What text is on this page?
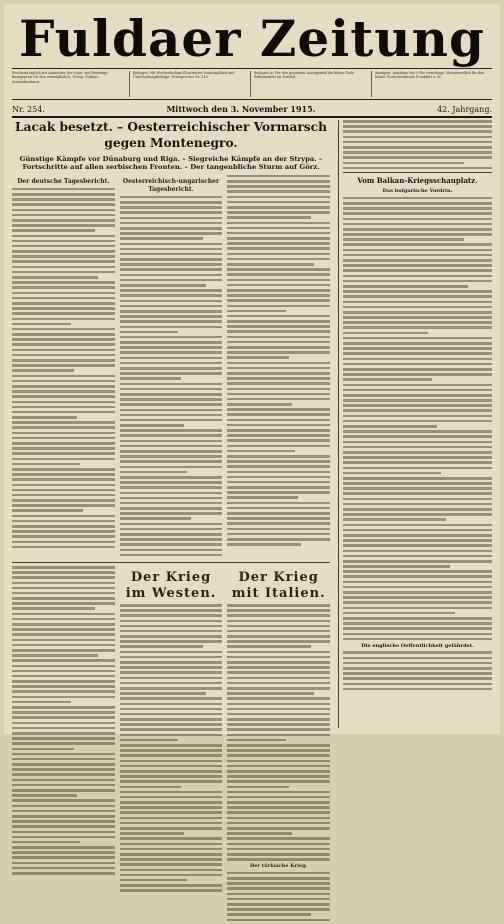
Fuldaer Zeitung
Erscheint täglich mit Ausnahme der Sonn- und Feiertage. Bezugspreis für den vierteljährlich. Verlag: Fuldaer Actiendruckerei.
Beilagen: Mit Wochenbeilage Illustriertes Sonntagsblatt und Unterhaltungsbeilage. Fernsprecher Nr. 110.
Beilagen je: Für den gesamten Anzeigenteil die kleine Zeile. Reklamezeile im Textteil.
Anzeigen: Annahme bis 9 Uhr vormittags. Verantwortlich für den Inhalt. Postscheckkonto Frankfurt a. M.
Nr. 254.	Mittwoch den 3. November 1915.	42. Jahrgang.
Lacak besetzt. – Oesterreichischer Vormarsch
gegen Montenegro.
Günstige Kämpfe vor Dünaburg und Riga. – Siegreiche Kämpfe an der Strypa. – Fortschritte auf allen serbischen Fronten. – Der tangenbliche Sturm auf Görz.
Der deutsche Tagesbericht.	Oesterreichisch-ungarischer Tagesbericht.
Der Krieg im Westen.
Der Krieg mit Italien.
Der türkische Krieg.
Vom Balkan-Kriegsschauplatz.
Das bulgarische Vordrin.
Die englische Oeffentlichkeit gefährdet.
